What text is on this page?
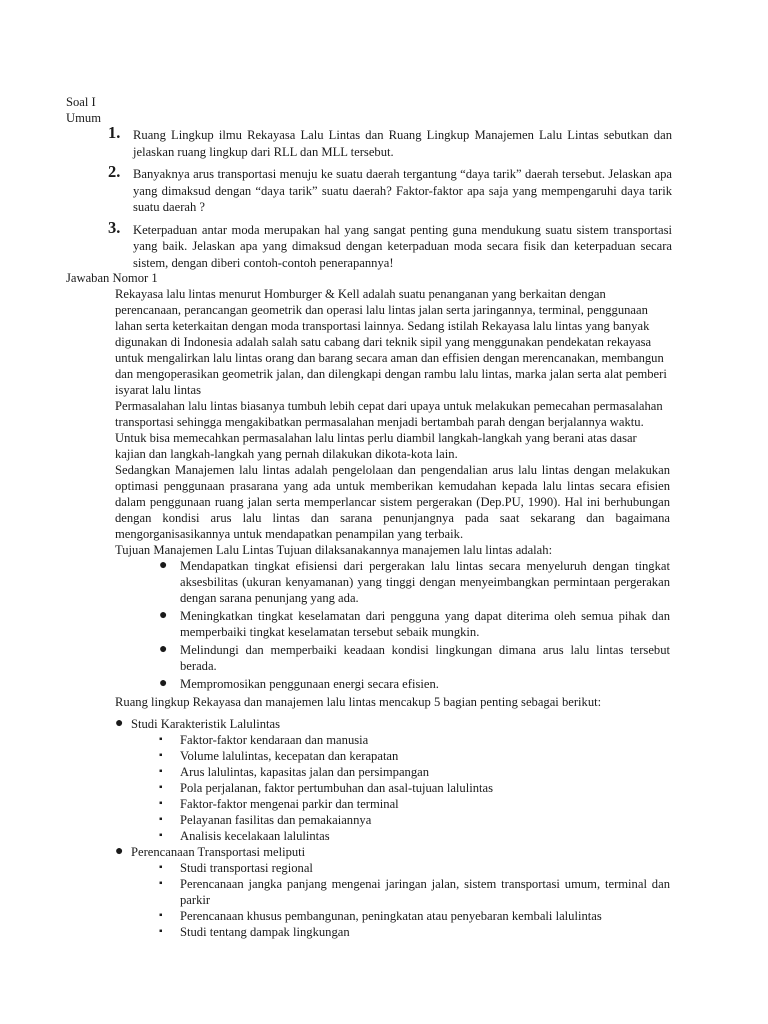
Soal I
Umum
1. Ruang Lingkup ilmu Rekayasa Lalu Lintas dan Ruang Lingkup Manajemen Lalu Lintas sebutkan dan jelaskan ruang lingkup dari RLL dan MLL tersebut.
2. Banyaknya arus transportasi menuju ke suatu daerah tergantung “daya tarik” daerah tersebut. Jelaskan apa yang dimaksud dengan “daya tarik” suatu daerah? Faktor-faktor apa saja yang mempengaruhi daya tarik suatu daerah ?
3. Keterpaduan antar moda merupakan hal yang sangat penting guna mendukung suatu sistem transportasi yang baik. Jelaskan apa yang dimaksud dengan keterpaduan moda secara fisik dan keterpaduan secara sistem, dengan diberi contoh-contoh penerapannya!
Jawaban Nomor 1

Rekayasa lalu lintas menurut Homburger & Kell adalah suatu penanganan yang berkaitan dengan perencanaan, perancangan geometrik dan operasi lalu lintas jalan serta jaringannya, terminal, penggunaan lahan serta keterkaitan dengan moda transportasi lainnya. Sedang istilah Rekayasa lalu lintas yang banyak digunakan di Indonesia adalah salah satu cabang dari teknik sipil yang menggunakan pendekatan rekayasa untuk mengalirkan lalu lintas orang dan barang secara aman dan effisien dengan merencanakan, membangun dan mengoperasikan geometrik jalan, dan dilengkapi dengan rambu lalu lintas, marka jalan serta alat pemberi isyarat lalu lintas

Permasalahan lalu lintas biasanya tumbuh lebih cepat dari upaya untuk melakukan pemecahan permasalahan transportasi sehingga mengakibatkan permasalahan menjadi bertambah parah dengan berjalannya waktu. Untuk bisa memecahkan permasalahan lalu lintas perlu diambil langkah-langkah yang berani atas dasar kajian dan langkah-langkah yang pernah dilakukan dikota-kota lain.

Sedangkan Manajemen lalu lintas adalah pengelolaan dan pengendalian arus lalu lintas dengan melakukan optimasi penggunaan prasarana yang ada untuk memberikan kemudahan kepada lalu lintas secara efisien dalam penggunaan ruang jalan serta memperlancar sistem pergerakan (Dep.PU, 1990). Hal ini berhubungan dengan kondisi arus lalu lintas dan sarana penunjangnya pada saat sekarang dan bagaimana mengorganisasikannya untuk mendapatkan penampilan yang terbaik.

Tujuan Manajemen Lalu Lintas Tujuan dilaksanakannya manajemen lalu lintas adalah:

● Mendapatkan tingkat efisiensi dari pergerakan lalu lintas secara menyeluruh dengan tingkat aksesbilitas (ukuran kenyamanan) yang tinggi dengan menyeimbangkan permintaan pergerakan dengan sarana penunjang yang ada.
● Meningkatkan tingkat keselamatan dari pengguna yang dapat diterima oleh semua pihak dan memperbaiki tingkat keselamatan tersebut sebaik mungkin.
● Melindungi dan memperbaiki keadaan kondisi lingkungan dimana arus lalu lintas tersebut berada.
● Mempromosikan penggunaan energi secara efisien.

Ruang lingkup Rekayasa dan manajemen lalu lintas mencakup 5 bagian penting sebagai berikut:

● Studi Karakteristik Lalulintas
▪ Faktor-faktor kendaraan dan manusia
▪ Volume lalulintas, kecepatan dan kerapatan
▪ Arus lalulintas, kapasitas jalan dan persimpangan
▪ Pola perjalanan, faktor pertumbuhan dan asal-tujuan lalulintas
▪ Faktor-faktor mengenai parkir dan terminal
▪ Pelayanan fasilitas dan pemakaiannya
▪ Analisis kecelakaan lalulintas
● Perencanaan Transportasi meliputi
▪ Studi transportasi regional
▪ Perencanaan jangka panjang mengenai jaringan jalan, sistem transportasi umum, terminal dan parkir
▪ Perencanaan khusus pembangunan, peningkatan atau penyebaran kembali lalulintas
▪ Studi tentang dampak lingkungan
